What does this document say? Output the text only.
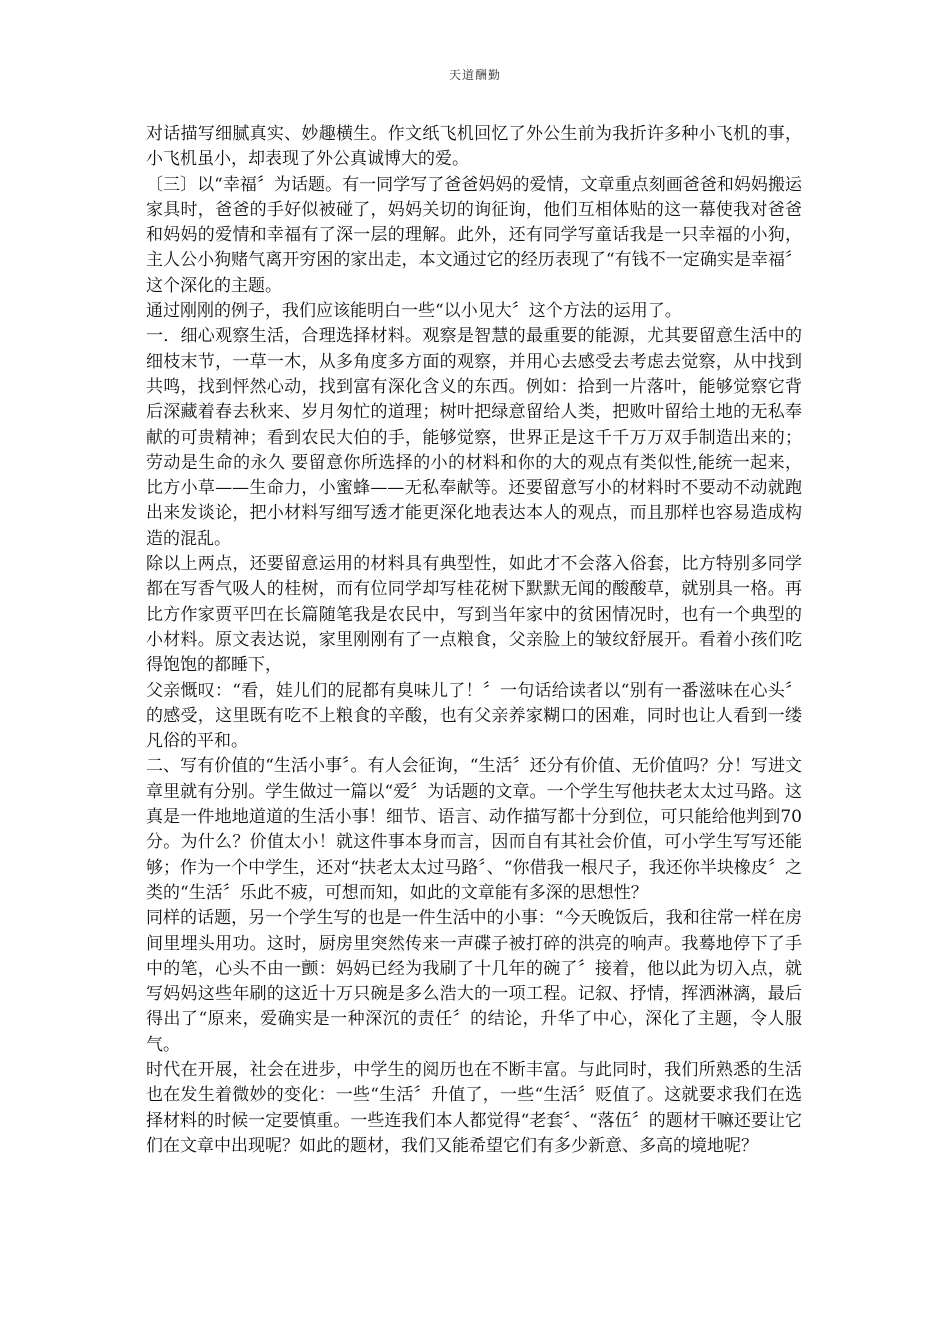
天道酬勤

对话描写细腻真实、妙趣横生。作文纸飞机回忆了外公生前为我折许多种小飞机的事，小飞机虽小，却表现了外公真诚博大的爱。

〔三〕以“幸福〞为话题。有一同学写了爸爸妈妈的爱情，文章重点刻画爸爸和妈妈搬运家具时，爸爸的手好似被碰了，妈妈关切的询征询，他们互相体贴的这一幕使我对爸爸和妈妈的爱情和幸福有了深一层的理解。此外，还有同学写童话我是一只幸福的小狗，主人公小狗赌气离开穷困的家出走，本文通过它的经历表现了“有钱不一定确实是幸福〞这个深化的主题。

通过刚刚的例子，我们应该能明白一些“以小见大〞这个方法的运用了。

一．细心观察生活，合理选择材料。观察是智慧的最重要的能源，尤其要留意生活中的细枝末节，一草一木，从多角度多方面的观察，并用心去感受去考虑去觉察，从中找到共鸣，找到怦然心动，找到富有深化含义的东西。例如：拾到一片落叶，能够觉察它背后深藏着春去秋来、岁月匆忙的道理；树叶把绿意留给人类，把败叶留给土地的无私奉献的可贵精神；看到农民大伯的手，能够觉察，世界正是这千千万万双手制造出来的；劳动是生命的永久 要留意你所选择的小的材料和你的大的观点有类似性,能统一起来，比方小草——生命力，小蜜蜂——无私奉献等。还要留意写小的材料时不要动不动就跑出来发谈论，把小材料写细写透才能更深化地表达本人的观点，而且那样也容易造成构造的混乱。

除以上两点，还要留意运用的材料具有典型性，如此才不会落入俗套，比方特别多同学都在写香气吸人的桂树，而有位同学却写桂花树下默默无闻的酸酸草，就别具一格。再比方作家贾平凹在长篇随笔我是农民中，写到当年家中的贫困情况时，也有一个典型的小材料。原文表达说，家里刚刚有了一点粮食，父亲脸上的皱纹舒展开。看着小孩们吃得饱饱的都睡下，

父亲慨叹：“看，娃儿们的屁都有臭味儿了！〞一句话给读者以“别有一番滋味在心头〞的感受，这里既有吃不上粮食的辛酸，也有父亲养家糊口的困难，同时也让人看到一缕凡俗的平和。

二、写有价值的“生活小事〞。有人会征询，“生活〞还分有价值、无价值吗？分！写进文章里就有分别。学生做过一篇以“爱〞为话题的文章。一个学生写他扶老太太过马路。这真是一件地地道道的生活小事！细节、语言、动作描写都十分到位，可只能给他判到70分。为什么？价值太小！就这件事本身而言，因而自有其社会价值，可小学生写写还能够；作为一个中学生，还对“扶老太太过马路〞、“你借我一根尺子，我还你半块橡皮〞之类的“生活〞乐此不疲，可想而知，如此的文章能有多深的思想性？

同样的话题，另一个学生写的也是一件生活中的小事：“今天晚饭后，我和往常一样在房间里埋头用功。这时，厨房里突然传来一声碟子被打碎的洪亮的响声。我蓦地停下了手中的笔，心头不由一颤：妈妈已经为我刷了十几年的碗了〞接着，他以此为切入点，就写妈妈这些年刷的这近十万只碗是多么浩大的一项工程。记叙、抒情，挥洒淋漓，最后得出了“原来，爱确实是一种深沉的责任〞的结论，升华了中心，深化了主题，令人服气。

时代在开展，社会在进步，中学生的阅历也在不断丰富。与此同时，我们所熟悉的生活也在发生着微妙的变化：一些“生活〞升值了，一些“生活〞贬值了。这就要求我们在选择材料的时候一定要慎重。一些连我们本人都觉得“老套〞、“落伍〞的题材干嘛还要让它们在文章中出现呢？如此的题材，我们又能希望它们有多少新意、多高的境地呢？
